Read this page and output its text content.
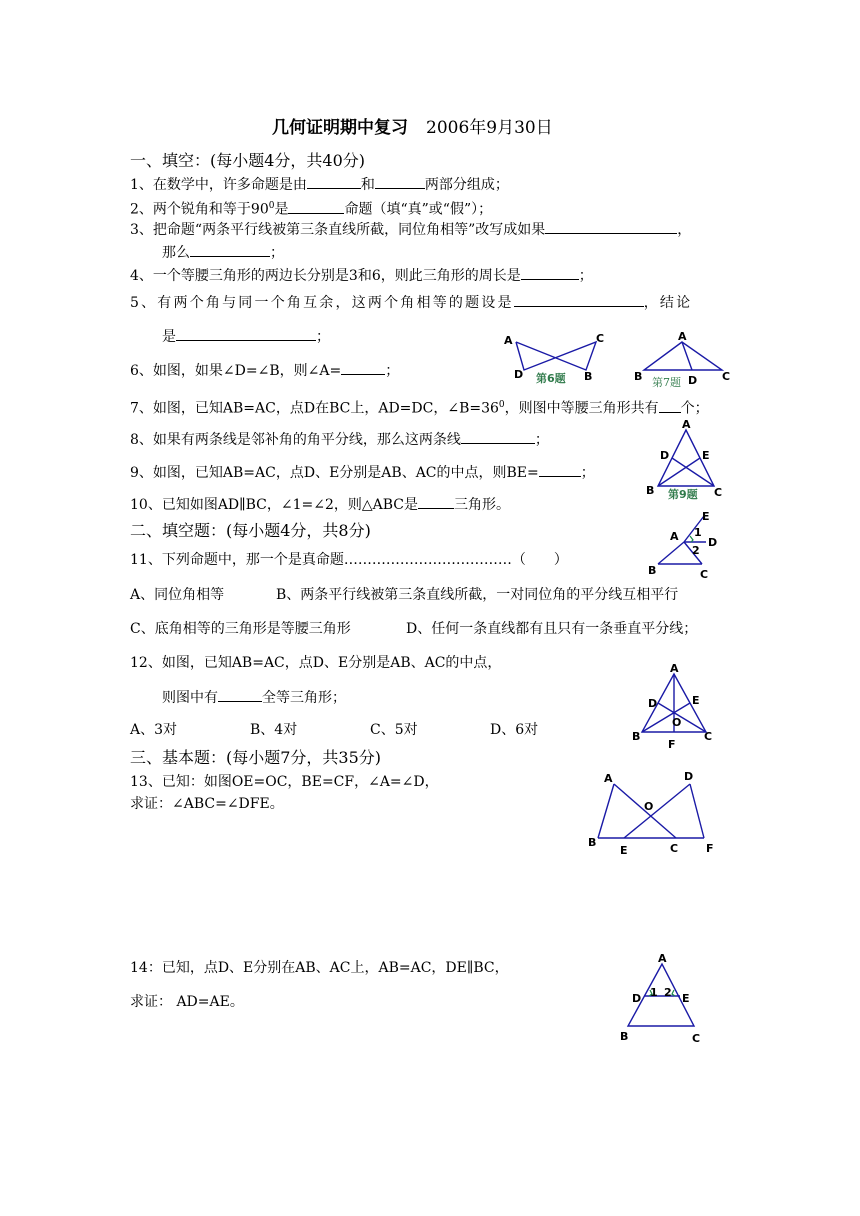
几何证明期中复习 2006年9月30日
一、填空：(每小题4分，共40分)
1、在数学中，许多命题是由	和	两部分组成；
2、两个锐角和等于$90^0$是	命题（填“真”或“假”）；
3、把命题“两条平行线被第三条直线所截，同位角相等”改写成如果	，
那么	；
4、一个等腰三角形的两边长分别是3和6，则此三角形的周长是	；
5、有两个角与同一个角互余，这两个角相等的题设是	，结论
是	；
6、如图，如果∠D=∠B，则∠A=	；
7、如图，已知AB=AC，点D在BC上，AD=DC，$\angle B=36^0$，则图中等腰三角形共有 个；
8、如果有两条线是邻补角的角平分线，那么这两条线	；
9、如图，已知AB=AC，点D、E分别是AB、AC的中点，则BE=	；
10、已知如图AD∥BC，∠1=∠2，则△ABC是	三角形。
二、填空题：(每小题4分，共8分)
11、下列命题中，那一个是真命题………………………………（　　）
A、同位角相等	B、两条平行线被第三条直线所截，一对同位角的平分线互相平行
C、底角相等的三角形是等腰三角形	D、任何一条直线都有且只有一条垂直平分线；
12、如图，已知AB=AC，点D、E分别是AB、AC的中点，
则图中有	全等三角形；
A、3对	B、4对	C、5对	D、6对
三、基本题：(每小题7分，共35分)
13、已知：如图OE=OC，BE=CF，∠A=∠D，
求证：∠ABC=∠DFE。
14：已知，点D、E分别在AB、AC上，AB=AC，DE∥BC，
求证： AD=AE。
A	C
D	B
第6题
A
B	D C
第7题
A
D	E
B	C
第9题
E
A 1
2
D
B	C
A
D	E
O
B
F
C
A	D
O
B
E	C	F
A
D 1 2 E
B	C
